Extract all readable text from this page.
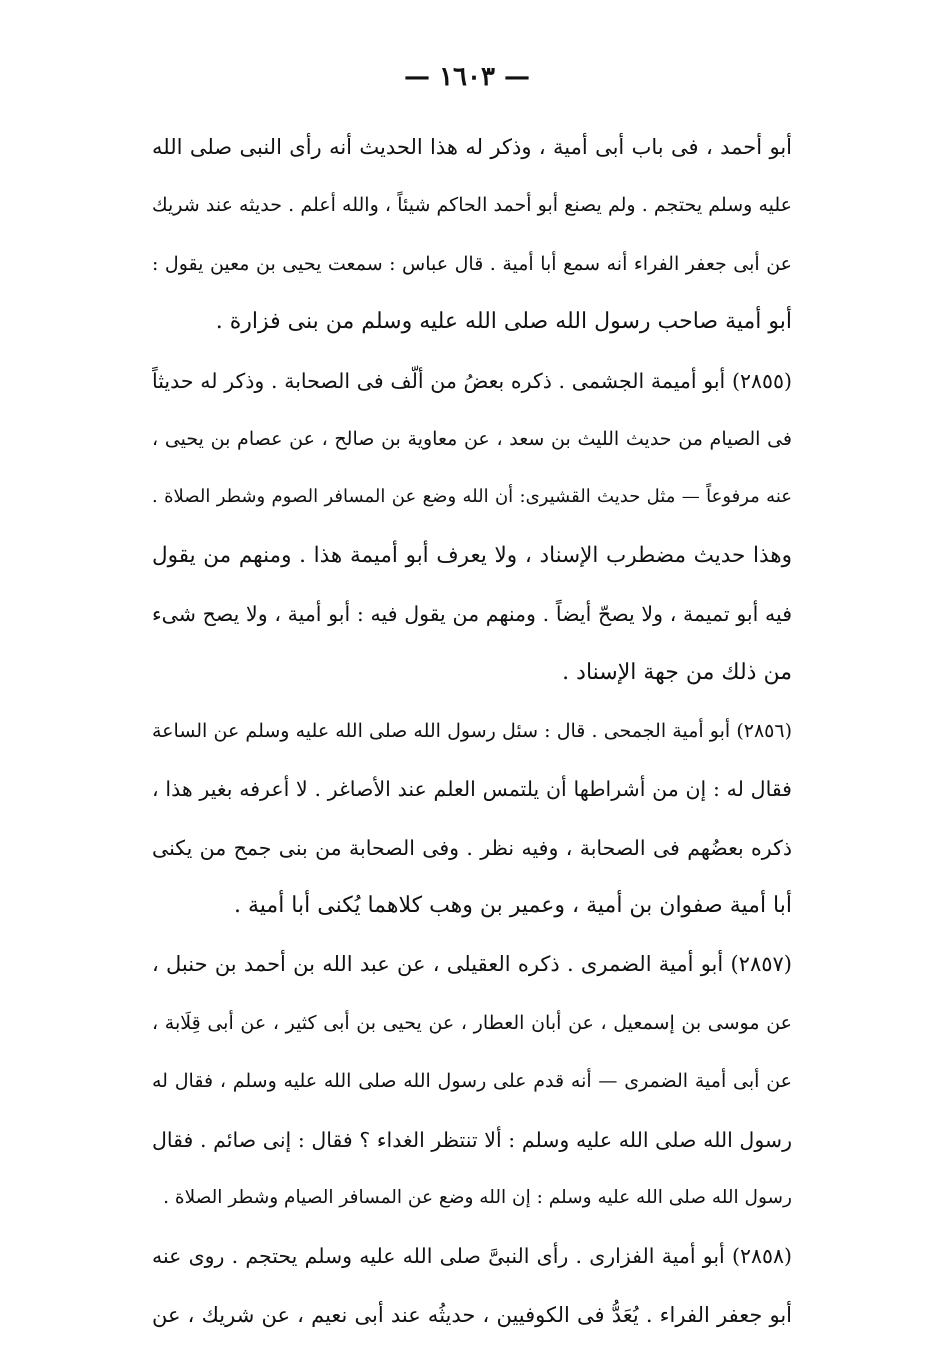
— ١٦٠٣ —
أبو أحمد ، فى باب أبى أمية ، وذكر له هذا الحديث أنه رأى النبى صلى الله
عليه وسلم يحتجم . ولم يصنع أبو أحمد الحاكم شيئاً ، والله أعلم . حديثه عند شريك
عن أبى جعفر الفراء أنه سمع أبا أمية . قال عباس : سمعت يحيى بن معين يقول :
أبو أمية صاحب رسول الله صلى الله عليه وسلم من بنى فزارة .
(٢٨٥٥) أبو أميمة الجشمى . ذكره بعضُ من ألّف فى الصحابة . وذكر له حديثاً
فى الصيام من حديث الليث بن سعد ، عن معاوية بن صالح ، عن عصام بن يحيى ،
عنه مرفوعاً — مثل حديث القشيرى: أن الله وضع عن المسافر الصوم وشطر الصلاة .
وهذا حديث مضطرب الإسناد ، ولا يعرف أبو أميمة هذا . ومنهم من يقول
فيه أبو تميمة ، ولا يصحّ أيضاً . ومنهم من يقول فيه : أبو أمية ، ولا يصح شىء
من ذلك من جهة الإسناد .
(٢٨٥٦) أبو أمية الجمحى . قال : سئل رسول الله صلى الله عليه وسلم عن الساعة
فقال له : إن من أشراطها أن يلتمس العلم عند الأصاغر . لا أعرفه بغير هذا ،
ذكره بعضُهم فى الصحابة ، وفيه نظر . وفى الصحابة من بنى جمح من يكنى
أبا أمية صفوان بن أمية ، وعمير بن وهب كلاهما يُكنى أبا أمية .
(٢٨٥٧) أبو أمية الضمرى . ذكره العقيلى ، عن عبد الله بن أحمد بن حنبل ،
عن موسى بن إسمعيل ، عن أبان العطار ، عن يحيى بن أبى كثير ، عن أبى قِلَابة ،
عن أبى أمية الضمرى — أنه قدم على رسول الله صلى الله عليه وسلم ، فقال له
رسول الله صلى الله عليه وسلم : ألا تنتظر الغداء ؟ فقال : إنى صائم . فقال
رسول الله صلى الله عليه وسلم : إن الله وضع عن المسافر الصيام وشطر الصلاة .
(٢٨٥٨) أبو أمية الفزارى . رأى النبىَّ صلى الله عليه وسلم يحتجم . روى عنه
أبو جعفر الفراء . يُعَدُّ فى الكوفيين ، حديثُه عند أبى نعيم ، عن شريك ، عن
